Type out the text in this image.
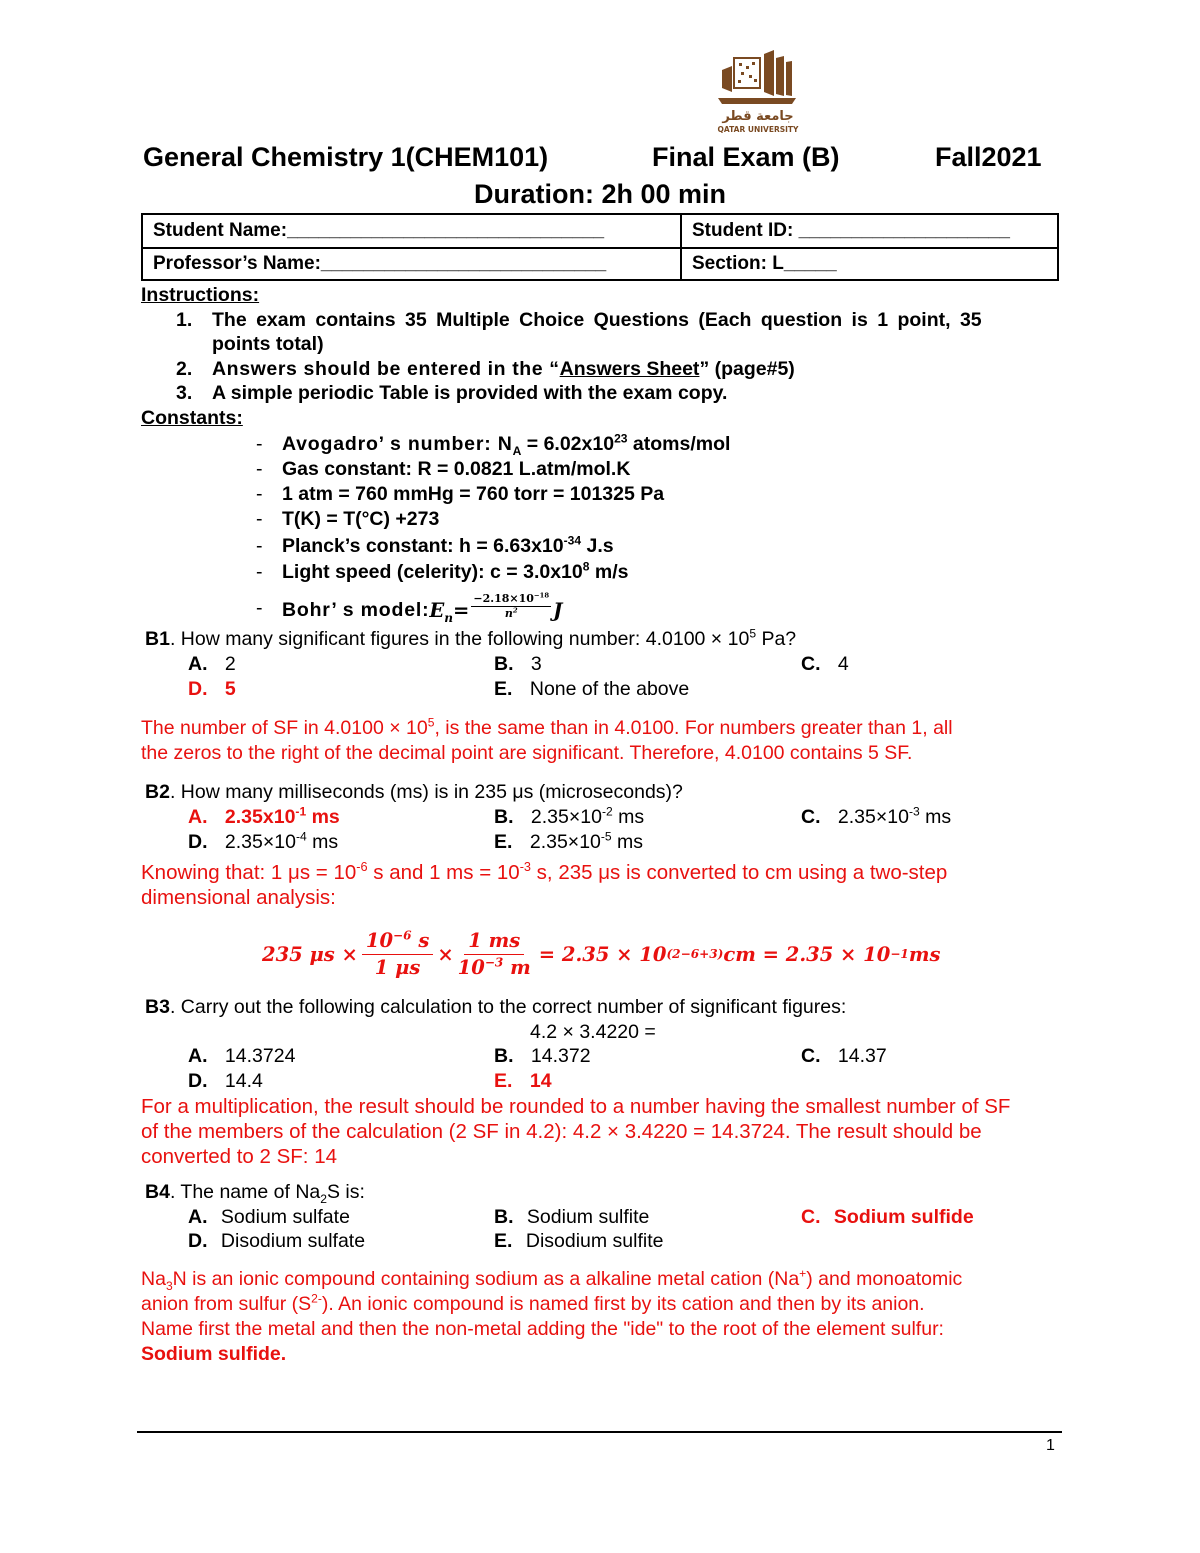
جامعة قطر
QATAR UNIVERSITY
General Chemistry 1(CHEM101)	Final Exam (B)	Fall2021
Duration: 2h 00 min
Student Name:______________________________	Student ID: ____________________
Professor’s Name:___________________________	Section: L_____
Instructions:
1. The exam contains 35 Multiple Choice Questions (Each question is 1 point, 35
points total)
2. Answers should be entered in the “Answers Sheet” (page#5)
3. A simple periodic Table is provided with the exam copy.
Constants:
- Avogadro’ s number: $N_A = 6.02x10^{23}$ atoms/mol
- Gas constant: R = 0.0821 L.atm/mol.K
- 1 atm = 760 mmHg = 760 torr = 101325 Pa
- T(K) = T(°C) +273
- Planck’s constant: $h = 6.63x10^{-34}$ J.s
- Light speed (celerity): $c = 3.0x10^8$ m/s
- Bohr’ s model: $E_n = \frac{-2.18\times 10^{-18}}{n^2}$ J
B1. How many significant figures in the following number: $4.0100 \times 10^5$ Pa?
A. 2	B. 3	C. 4
D. 5	E. None of the above
The number of SF in $4.0100 \times 10^5$, is the same than in 4.0100. For numbers greater than 1, all
the zeros to the right of the decimal point are significant. Therefore, 4.0100 contains 5 SF.
B2. How many milliseconds (ms) is in 235 μs (microseconds)?
A. $2.35x10^{-1}$ ms	B. $2.35\times 10^{-2}$ ms	C. $2.35\times 10^{-3}$ ms
D. $2.35\times 10^{-4}$ ms	E. $2.35\times 10^{-5}$ ms
Knowing that: 1 $\mu s = 10^{-6}$ s and 1 ms = $10^{-3}$ s, 235 μs is converted to cm using a two-step
dimensional analysis:
235 $\mu s \times \frac{10^{-6} s}{1 \mu s} \times \frac{1 ms}{10^{-3} m} = 2.35 \times 10$ (2−6+3) cm = 2.35 × 10 −1 ms
B3. Carry out the following calculation to the correct number of significant figures:
4.2 × 3.4220 =
A. 14.3724	B. 14.372	C. 14.37
D. 14.4	E. 14
For a multiplication, the result should be rounded to a number having the smallest number of SF
of the members of the calculation (2 SF in 4.2): 4.2 × 3.4220 = 14.3724. The result should be
converted to 2 SF: 14
B4. The name of $Na_2S$ is:
A. Sodium sulfate	B. Sodium sulfite	C. Sodium sulfide
D. Disodium sulfate	E. Disodium sulfite
$Na_3N$ is an ionic compound containing sodium as a alkaline metal cation (Na+) and monoatomic
anion from sulfur $(S^{2-})$. An ionic compound is named first by its cation and then by its anion.
Name first the metal and then the non-metal adding the "ide" to the root of the element sulfur:
Sodium sulfide.
1
